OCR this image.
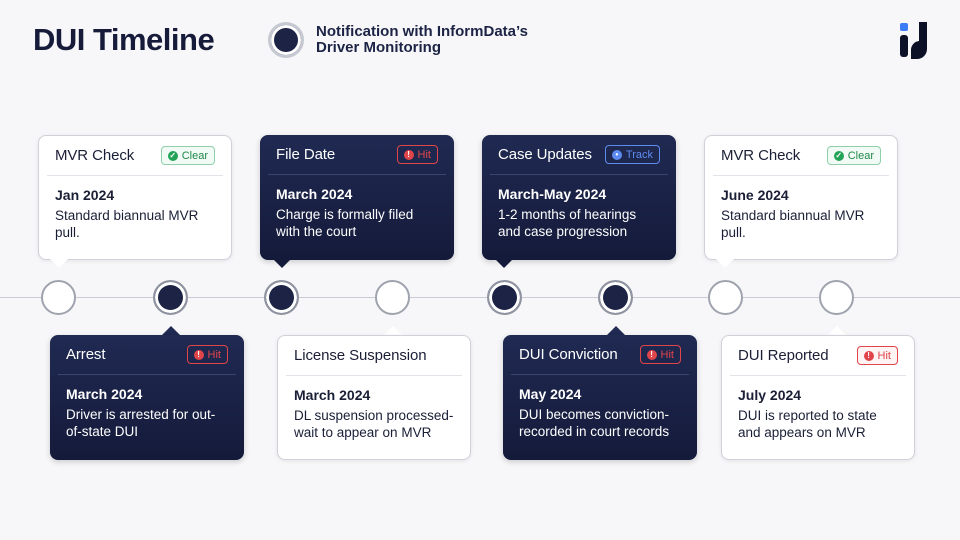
DUI Timeline	Notification with InformData’s Driver Monitoring
MVR Check	✓ Clear
Jan 2024
Standard biannual MVR pull.
File Date	! Hit
March 2024
Charge is formally filed with the court
Case Updates	• Track
March-May 2024
1-2 months of hearings and case progression
MVR Check	✓ Clear
June 2024
Standard biannual MVR pull.
Arrest	! Hit
March 2024
Driver is arrested for out-of-state DUI
License Suspension
March 2024
DL suspension processed-wait to appear on MVR
DUI Conviction	! Hit
May 2024
DUI becomes conviction-recorded in court records
DUI Reported	! Hit
July 2024
DUI is reported to state and appears on MVR
